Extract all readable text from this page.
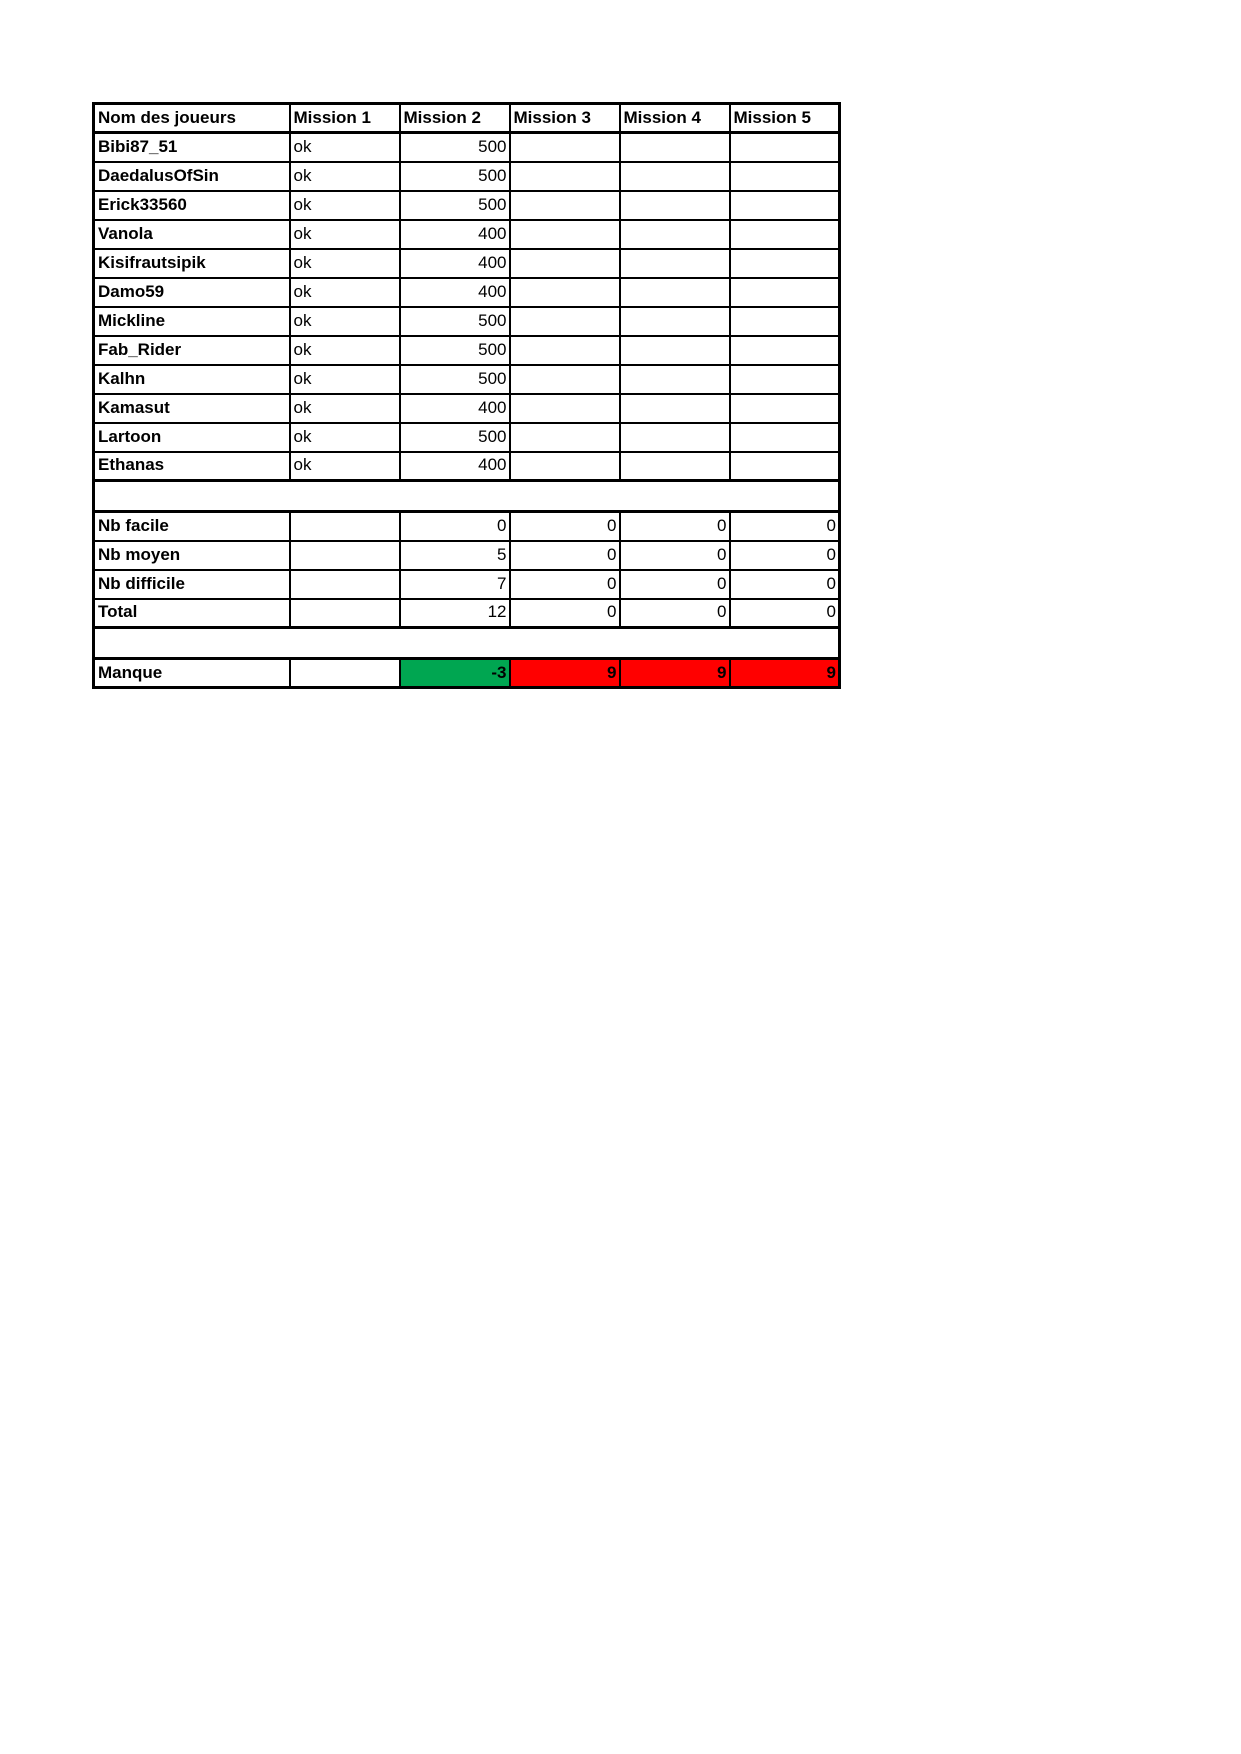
Nom des joueurs	Mission 1	Mission 2	Mission 3	Mission 4	Mission 5
Bibi87_51	ok	500			
DaedalusOfSin	ok	500			
Erick33560	ok	500			
Vanola	ok	400			
Kisifrautsipik	ok	400			
Damo59	ok	400			
Mickline	ok	500			
Fab_Rider	ok	500			
Kalhn	ok	500			
Kamasut	ok	400			
Lartoon	ok	500			
Ethanas	ok	400			

Nb facile		0	0	0	0
Nb moyen		5	0	0	0
Nb difficile		7	0	0	0
Total		12	0	0	0

Manque		-3	9	9	9
